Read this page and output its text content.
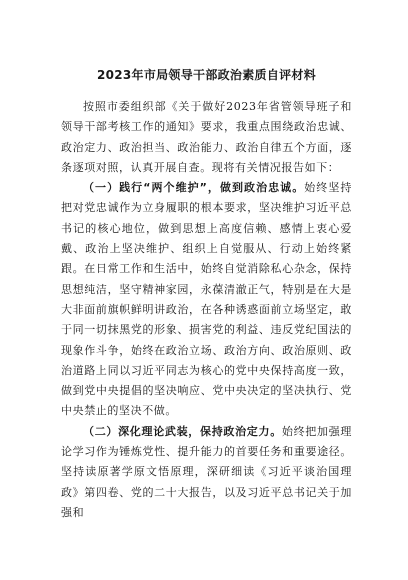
2023年市局领导干部政治素质自评材料

按照市委组织部《关于做好2023年省管领导班子和领导干部考核工作的通知》要求，我重点围绕政治忠诚、政治定力、政治担当、政治能力、政治自律五个方面，逐条逐项对照，认真开展自查。现将有关情况报告如下：

（一）践行“两个维护”，做到政治忠诚。始终坚持把对党忠诚作为立身履职的根本要求，坚决维护习近平总书记的核心地位，做到思想上高度信赖、感情上衷心爱戴、政治上坚决维护、组织上自觉服从、行动上始终紧跟。在日常工作和生活中，始终自觉消除私心杂念，保持思想纯洁，坚守精神家园，永葆清澈正气，特别是在大是大非面前旗帜鲜明讲政治，在各种诱惑面前立场坚定，敢于同一切抹黑党的形象、损害党的利益、违反党纪国法的现象作斗争，始终在政治立场、政治方向、政治原则、政治道路上同以习近平同志为核心的党中央保持高度一致，做到党中央提倡的坚决响应、党中央决定的坚决执行、党中央禁止的坚决不做。

（二）深化理论武装，保持政治定力。始终把加强理论学习作为锤炼党性、提升能力的首要任务和重要途径。坚持读原著学原文悟原理，深研细读《习近平谈治国理政》第四卷、党的二十大报告，以及习近平总书记关于加强和
